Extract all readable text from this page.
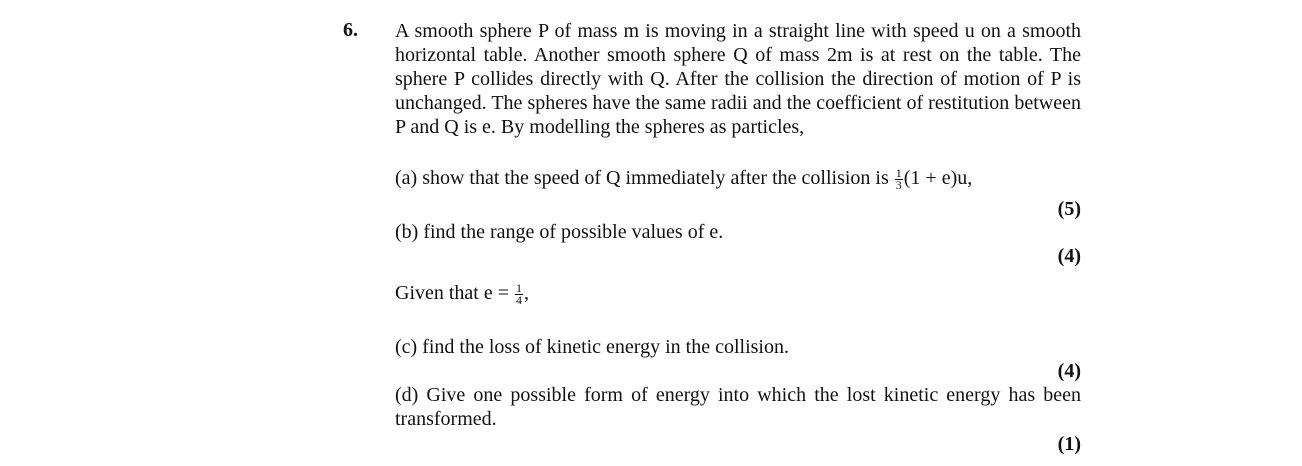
6. A smooth sphere P of mass m is moving in a straight line with speed u on a smooth horizontal table. Another smooth sphere Q of mass 2m is at rest on the table. The sphere P collides directly with Q. After the collision the direction of motion of P is unchanged. The spheres have the same radii and the coefficient of restitution between P and Q is e. By modelling the spheres as particles,
(a) show that the speed of Q immediately after the collision is $\frac{1}{3} (1 + e)u$,
(5)
(b) find the range of possible values of e.
(4)
Given that $e = \frac{1}{4}$ ,
(c) find the loss of kinetic energy in the collision.
(4)
(d) Give one possible form of energy into which the lost kinetic energy has been transformed.
(1)
